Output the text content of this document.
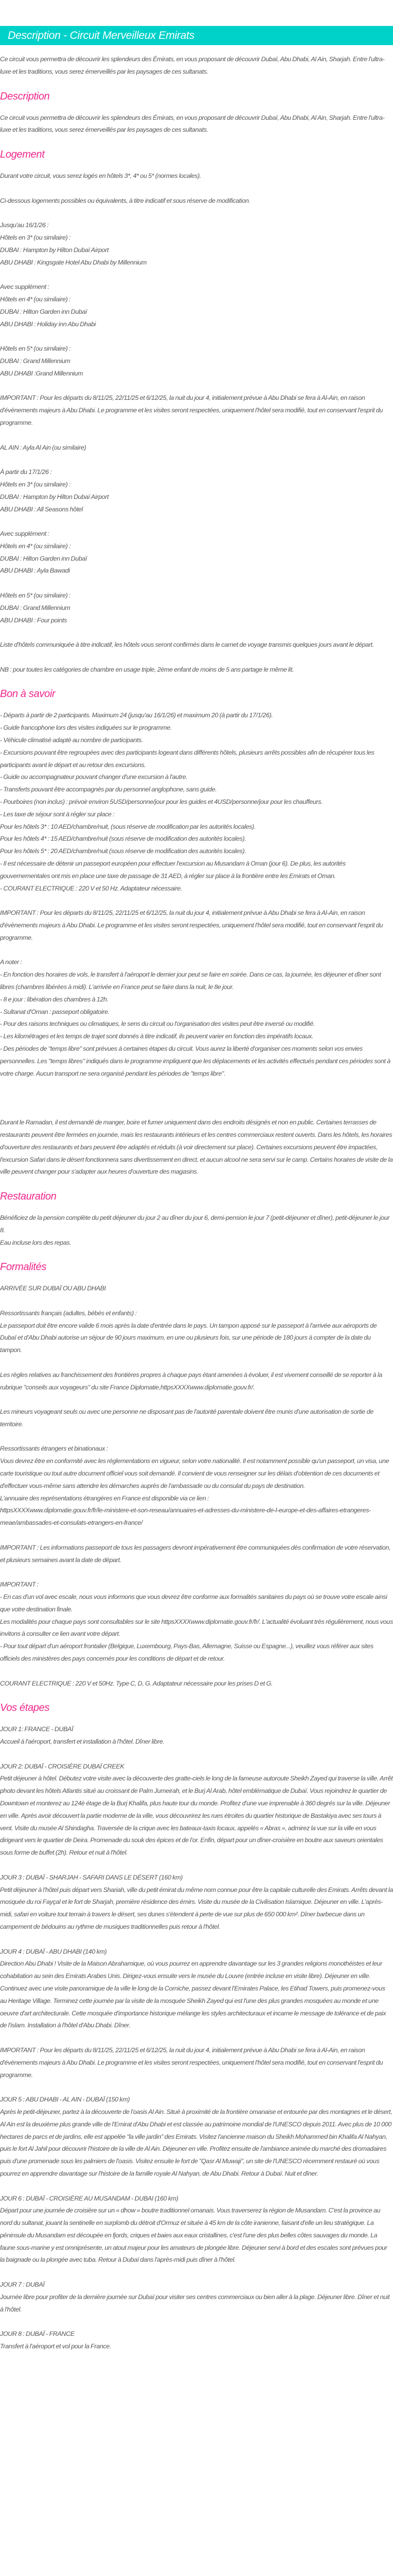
Description - Circuit Merveilleux Emirats

Ce circuit vous permettra de découvrir les splendeurs des Émirats, en vous proposant de découvrir Dubaï, Abu Dhabi, Al Ain, Sharjah. Entre l'ultra-luxe et les traditions, vous serez émerveillés par les paysages de ces sultanats.

Description

Ce circuit vous permettra de découvrir les splendeurs des Émirats, en vous proposant de découvrir Dubaï, Abu Dhabi, Al Ain, Sharjah. Entre l'ultra-luxe et les traditions, vous serez émerveillés par les paysages de ces sultanats.

Logement

Durant votre circuit, vous serez logés en hôtels 3*, 4* ou 5* (normes locales).

Ci-dessous logements possibles ou équivalents, à titre indicatif et sous réserve de modification.

Jusqu'au 16/1/26 :

Hôtels en 3* (ou similaire) :

DUBAI : Hampton by Hilton Dubaï Airport

ABU DHABI : Kingsgate Hotel Abu Dhabi by Millennium

Avec supplément :

Hôtels en 4* (ou similaire) :

DUBAI : Hilton Garden inn Dubaï

ABU DHABI : Holiday inn Abu Dhabi

Hôtels en 5* (ou similaire) :

DUBAI : Grand Millennium

ABU DHABI :Grand Millennium

IMPORTANT : Pour les départs du 8/11/25, 22/11/25 et 6/12/25, la nuit du jour 4, initialement prévue à Abu Dhabi se fera à Al-Ain, en raison d'évènements majeurs à Abu Dhabi. Le programme et les visites seront respectées, uniquement l'hôtel sera modifié, tout en conservant l'esprit du programme.

AL AIN : Ayla Al Ain (ou similaire)

À partir du 17/1/26 :

Hôtels en 3* (ou similaire) :

DUBAI : Hampton by Hilton Dubaï Airport

ABU DHABI : All Seasons hôtel

Avec supplément :

Hôtels en 4* (ou similaire) :

DUBAI : Hilton Garden inn Dubaï

ABU DHABI : Ayla Bawadi

Hôtels en 5* (ou similaire) :

DUBAI : Grand Millennium

ABU DHABI : Four points

Liste d'hôtels communiquée à titre indicatif, les hôtels vous seront confirmés dans le carnet de voyage transmis quelques jours avant le départ.

NB : pour toutes les catégories de chambre en usage triple, 2ème enfant de moins de 5 ans partage le même lit.

Bon à savoir

- Départs à partir de 2 participants. Maximum 24 (jusqu'au 16/1/26) et maximum 20 (à partir du 17/1/26).

- Guide francophone lors des visites indiquées sur le programme.

- Véhicule climatisé adapté au nombre de participants.

- Excursions pouvant être regroupées avec des participants logeant dans différents hôtels, plusieurs arrêts possibles afin de récupérer tous les participants avant le départ et au retour des excursions.

- Guide ou accompagnateur pouvant changer d'une excursion à l'autre.

- Transferts pouvant être accompagnés par du personnel anglophone, sans guide.

- Pourboires (non inclus) : prévoir environ 5USD/personne/jour pour les guides et 4USD/personne/jour pour les chauffeurs.

- Les taxe de séjour sont à régler sur place :

Pour les hôtels 3* : 10 AED/chambre/nuit, (sous réserve de modification par les autorités locales).

Pour les hôtels 4* : 15 AED/chambre/nuit (sous réserve de modification des autorités locales).

Pour les hôtels 5* : 20 AED/chambre/nuit (sous réserve de modification des autorités locales).

- Il est nécessaire de détenir un passeport européen pour effectuer l'excursion au Musandam à Oman (jour 6). De plus, les autorités gouvernementales ont mis en place une taxe de passage de 31 AED, à régler sur place à la frontière entre les Emirats et Oman.

- COURANT ELECTRIQUE : 220 V et 50 Hz. Adaptateur nécessaire.

IMPORTANT : Pour les départs du 8/11/25, 22/11/25 et 6/12/25, la nuit du jour 4, initialement prévue à Abu Dhabi se fera à Al-Ain, en raison d'évènements majeurs à Abu Dhabi. Le programme et les visites seront respectées, uniquement l'hôtel sera modifié, tout en conservant l'esprit du programme.

A noter :

- En fonction des horaires de vols, le transfert à l'aéroport le dernier jour peut se faire en soirée. Dans ce cas, la journée, les déjeuner et dîner sont libres (chambres libérées à midi). L'arrivée en France peut se faire dans la nuit, le 8e jour.

- 8 e jour : libération des chambres à 12h.

- Sultanat d'Oman : passeport obligatoire.

- Pour des raisons techniques ou climatiques, le sens du circuit ou l'organisation des visites peut être inversé ou modifié.

- Les kilométrages et les temps de trajet sont donnés à titre indicatif, ils peuvent varier en fonction des impératifs locaux.

- Des périodes de "temps libre" sont prévues à certaines étapes du circuit. Vous aurez la liberté d'organiser ces moments selon vos envies personnelles. Les "temps libres" indiqués dans le programme impliquent que les déplacements et les activités effectués pendant ces périodes sont à votre charge. Aucun transport ne sera organisé pendant les périodes de "temps libre".

Durant le Ramadan, il est demandé de manger, boire et fumer uniquement dans des endroits désignés et non en public. Certaines terrasses de restaurants peuvent être fermées en journée, mais les restaurants intérieurs et les centres commerciaux restent ouverts. Dans les hôtels, les horaires d'ouverture des restaurants et bars peuvent être adaptés et réduits (à voir directement sur place). Certaines excursions peuvent être impactées, l'excursion Safari dans le désert fonctionnera sans divertissement en direct, et aucun alcool ne sera servi sur le camp. Certains horaires de visite de la ville peuvent changer pour s'adapter aux heures d'ouverture des magasins.

Restauration

Bénéficiez de la pension complète du petit déjeuner du jour 2 au dîner du jour 6, demi-pension le jour 7 (petit-déjeuner et dîner), petit-déjeuner le jour 8.

Eau incluse lors des repas.

Formalités

ARRIVÉE SUR DUBAÏ OU ABU DHABI

Ressortissants français (adultes, bébés et enfants) :

Le passeport doit être encore valide 6 mois après la date d'entrée dans le pays. Un tampon apposé sur le passeport à l'arrivée aux aéroports de Dubaï et d'Abu Dhabi autorise un séjour de 90 jours maximum, en une ou plusieurs fois, sur une période de 180 jours à compter de la date du tampon.

Les règles relatives au franchissement des frontières propres à chaque pays étant amenées à évoluer, il est vivement conseillé de se reporter à la rubrique "conseils aux voyageurs" du site France Diplomatie,httpsXXXXwww.diplomatie.gouv.fr/.

Les mineurs voyageant seuls ou avec une personne ne disposant pas de l'autorité parentale doivent être munis d'une autorisation de sortie de territoire.

Ressortissants étrangers et binationaux :

Vous devrez être en conformité avec les réglementations en vigueur, selon votre nationalité. Il est notamment possible qu'un passeport, un visa, une carte touristique ou tout autre document officiel vous soit demandé. Il convient de vous renseigner sur les délais d'obtention de ces documents et d'effectuer vous-même sans attendre les démarches auprès de l'ambassade ou du consulat du pays de destination.

L'annuaire des représentations étrangères en France est disponible via ce lien :

httpsXXXXwww.diplomatie.gouv.fr/fr/le-ministere-et-son-reseau/annuaires-et-adresses-du-ministere-de-l-europe-et-des-affaires-etrangeres-meae/ambassades-et-consulats-etrangers-en-france/

IMPORTANT : Les informations passeport de tous les passagers devront impérativement être communiquées dès confirmation de votre réservation, et plusieurs semaines avant la date de départ.

IMPORTANT :

- En cas d'un vol avec escale, nous vous informons que vous devrez être conforme aux formalités sanitaires du pays où se trouve votre escale ainsi que votre destination finale.

Les modalités pour chaque pays sont consultables sur le site httpsXXXXwww.diplomatie.gouv.fr/fr/. L'actualité évoluant très régulièrement, nous vous invitons à consulter ce lien avant votre départ.

- Pour tout départ d'un aéroport frontalier (Belgique, Luxembourg, Pays-Bas, Allemagne, Suisse ou Espagne...), veuillez vous référer aux sites officiels des ministères des pays concernés pour les conditions de départ et de retour.

COURANT ELECTRIQUE : 220 V et 50Hz. Type C, D, G. Adaptateur nécessaire pour les prises D et G.

Vos étapes

JOUR 1: FRANCE - DUBAÏ

Accueil à l'aéroport, transfert et installation à l'hôtel. Dîner libre.

JOUR 2: DUBAÏ - CROISIÈRE DUBAÏ CREEK

Petit déjeuner à hôtel. Débutez votre visite avec la découverte des gratte-ciels le long de la fameuse autoroute Sheikh Zayed qui traverse la ville. Arrêt photo devant les hôtels Atlantis situé au croissant de Palm Jumeirah, et le Burj Al Arab, hôtel emblématique de Dubaï. Vous rejoindrez le quartier de Downtown et monterez au 124è étage de la Burj Khalifa, plus haute tour du monde. Profitez d'une vue imprenable à 360 degrés sur la ville. Déjeuner en ville. Après avoir découvert la partie moderne de la ville, vous découvrirez les rues étroites du quartier historique de Bastakiya avec ses tours à vent. Visite du musée Al Shindagha. Traversée de la crique avec les bateaux-taxis locaux, appelés « Abras », admirez la vue sur la ville en vous dirigeant vers le quartier de Deira. Promenade du souk des épices et de l'or. Enfin, départ pour un dîner-croisière en boutre aux saveurs orientales sous forme de buffet (2h). Retour et nuit à l'hôtel.

JOUR 3 : DUBAÏ - SHARJAH - SAFARI DANS LE DÉSERT (160 km)

Petit déjeuner à l'hôtel puis départ vers Shariah, ville du petit émirat du même nom connue pour être la capitale culturelle des Emirats. Arrêts devant la mosquée du roi Fayçal et le fort de Sharjah, première résidence des émirs. Visite du musée de la Civilisation Islamique. Déjeuner en ville. L'après-midi, safari en voiture tout terrain à travers le désert, ses dunes s'étendent à perte de vue sur plus de 650 000 km². Dîner barbecue dans un campement de bédouins au rythme de musiques traditionnelles puis retour à l'hôtel.

JOUR 4 : DUBAÏ - ABU DHABI (140 km)

Direction Abu Dhabi ! Visite de la Maison Abrahamique, où vous pourrez en apprendre davantage sur les 3 grandes religions monothéistes et leur cohabitation au sein des Emirats Arabes Unis. Dirigez-vous ensuite vers le musée du Louvre (entrée incluse en visite libre). Déjeuner en ville. Continuez avec une visite panoramique de la ville le long de la Corniche, passez devant l'Emirates Palace, les Etihad Towers, puis promenez-vous au Heritage Village. Terminez cette journée par la visite de la mosquée Sheikh Zayed qui est l'une des plus grandes mosquées au monde et une oeuvre d'art architecturale. Cette mosquée d'importance historique mélange les styles architecturaux et incarne le message de tolérance et de paix de l'islam. Installation à l'hôtel d'Abu Dhabi. Dîner.

IMPORTANT : Pour les départs du 8/11/25, 22/11/25 et 6/12/25, la nuit du jour 4, initialement prévue à Abu Dhabi se fera à Al-Ain, en raison d'évènements majeurs à Abu Dhabi. Le programme et les visites seront respectées, uniquement l'hôtel sera modifié, tout en conservant l'esprit du programme.

JOUR 5 : ABU DHABI - AL AIN - DUBAÏ (150 km)

Après le petit-déjeuner, partez à la découverte de l'oasis Al Ain. Situé à proximité de la frontière omanaise et entourée par des montagnes et le désert, Al Ain est la deuxième plus grande ville de l'Emirat d'Abu Dhabi et est classée au patrimoine mondial de l'UNESCO depuis 2011. Avec plus de 10 000 hectares de parcs et de jardins, elle est appelée "la ville jardin" des Emirats. Visitez l'ancienne maison du Sheikh Mohammed bin Khalifa Al Nahyan, puis le fort Al Jahil pour découvrir l'histoire de la ville de Al Ain. Déjeuner en ville. Profitez ensuite de l'ambiance animée du marché des dromadaires puis d'une promenade sous les palmiers de l'oasis. Visitez ensuite le fort de "Qasr Al Muwaji", un site de l'UNESCO récemment restauré où vous pourrez en apprendre davantage sur l'histoire de la famille royale Al Nahyan, de Abu Dhabi. Retour à Dubaï. Nuit et dîner.

JOUR 6 : DUBAÏ - CROISIÈRE AU MUSANDAM - DUBAI (160 km)

Départ pour une journée de croisière sur un « dhow » boutre traditionnel omanais. Vous traverserez la région de Musandam. C'est la province au nord du sultanat, jouant la sentinelle en surplomb du détroit d'Ormuz et située à 45 km de la côte iranienne, faisant d'elle un lieu stratégique. La péninsule du Musandam est découpée en fjords, criques et baies aux eaux cristallines, c'est l'une des plus belles côtes sauvages du monde. La faune sous-marine y est omniprésente, un atout majeur pour les amateurs de plongée libre. Déjeuner servi à bord et des escales sont prévues pour la baignade ou la plongée avec tuba. Retour à Dubaï dans l'après-midi puis dîner à l'hôtel.

JOUR 7 : DUBAÏ

Journée libre pour profiter de la dernière journée sur Dubaï pour visiter ses centres commerciaux ou bien aller à la plage. Déjeuner libre. Dîner et nuit à l'hôtel.

JOUR 8 : DUBAÏ - FRANCE

Transfert à l'aéroport et vol pour la France.
